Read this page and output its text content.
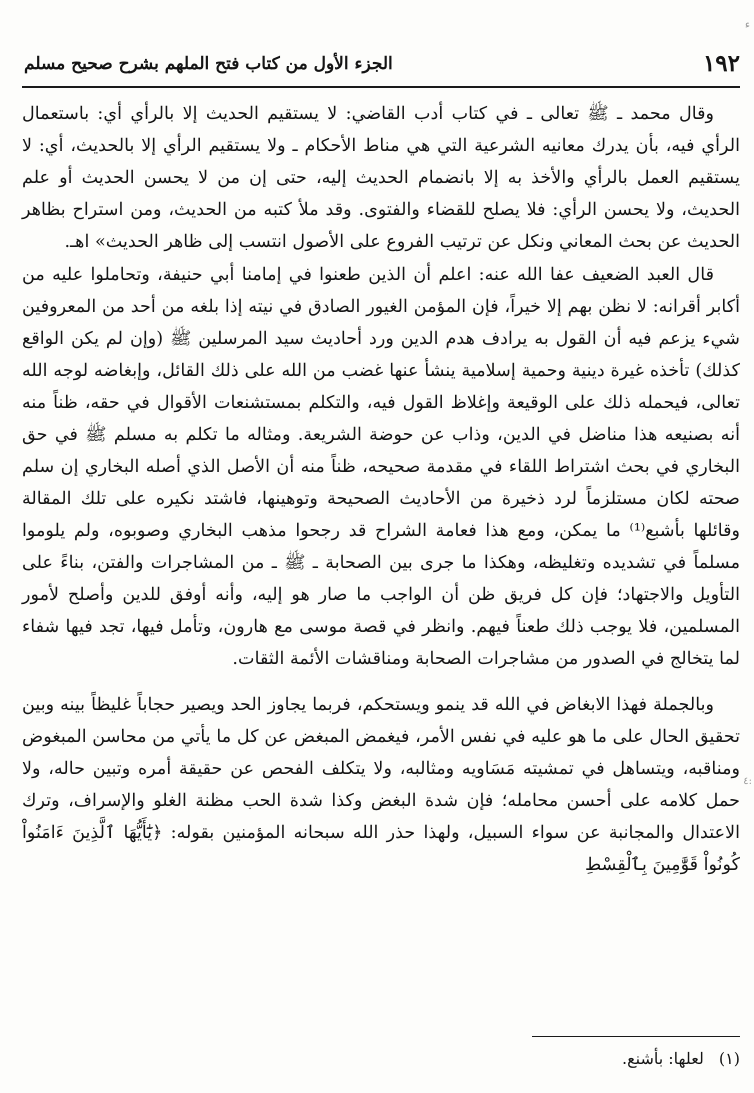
ﺀ
١٩٢
الجزء الأول من كتاب فتح الملهم بشرح صحيح مسلم

وقال محمد ـ ﷺ تعالى ـ في كتاب أدب القاضي: لا يستقيم الحديث إلا بالرأي أي: باستعمال الرأي فيه، بأن يدرك معانيه الشرعية التي هي مناط الأحكام ـ ولا يستقيم الرأي إلا بالحديث، أي: لا يستقيم العمل بالرأي والأخذ به إلا بانضمام الحديث إليه، حتى إن من لا يحسن الحديث أو علم الحديث، ولا يحسن الرأي: فلا يصلح للقضاء والفتوى. وقد ملأ كتبه من الحديث، ومن استراح بظاهر الحديث عن بحث المعاني ونكل عن ترتيب الفروع على الأصول انتسب إلى ظاهر الحديث» اهـ.

قال العبد الضعيف عفا الله عنه: اعلم أن الذين طعنوا في إمامنا أبي حنيفة، وتحاملوا عليه من أكابر أقرانه: لا نظن بهم إلا خيراً، فإن المؤمن الغيور الصادق في نيته إذا بلغه من أحد من المعروفين شيء يزعم فيه أن القول به يرادف هدم الدين ورد أحاديث سيد المرسلين ﷺ (وإن لم يكن الواقع كذلك) تأخذه غيرة دينية وحمية إسلامية ينشأ عنها غضب من الله على ذلك القائل، وإبغاضه لوجه الله تعالى، فيحمله ذلك على الوقيعة وإغلاظ القول فيه، والتكلم بمستشنعات الأقوال في حقه، ظناً منه أنه بصنيعه هذا مناضل في الدين، وذاب عن حوضة الشريعة. ومثاله ما تكلم به مسلم ﷺ في حق البخاري في بحث اشتراط اللقاء في مقدمة صحيحه، ظناً منه أن الأصل الذي أصله البخاري إن سلم صحته لكان مستلزماً لرد ذخيرة من الأحاديث الصحيحة وتوهينها، فاشتد نكيره على تلك المقالة وقائلها بأشبع⁽¹⁾ ما يمكن، ومع هذا فعامة الشراح قد رجحوا مذهب البخاري وصوبوه، ولم يلوموا مسلماً في تشديده وتغليظه، وهكذا ما جرى بين الصحابة ـ ﷺ ـ من المشاجرات والفتن، بناءً على التأويل والاجتهاد؛ فإن كل فريق ظن أن الواجب ما صار هو إليه، وأنه أوفق للدين وأصلح لأمور المسلمين، فلا يوجب ذلك طعناً فيهم. وانظر في قصة موسى مع هارون، وتأمل فيها، تجد فيها شفاء لما يتخالج في الصدور من مشاجرات الصحابة ومناقشات الأئمة الثقات.

وبالجملة فهذا الابغاض في الله قد ينمو ويستحكم، فربما يجاوز الحد ويصير حجاباً غليظاً بينه وبين تحقيق الحال على ما هو عليه في نفس الأمر، فيغمض المبغض عن كل ما يأتي من محاسن المبغوض ومناقبه، ويتساهل في تمشيته مَسَاويه ومثالبه، ولا يتكلف الفحص عن حقيقة أمره وتبين حاله، ولا حمل كلامه على أحسن محامله؛ فإن شدة البغض وكذا شدة الحب مظنة الغلو والإسراف، وترك الاعتدال والمجانبة عن سواء السبيل، ولهذا حذر الله سبحانه المؤمنين بقوله: ﴿يَٰٓأَيُّهَا ٱلَّذِينَ ءَامَنُواْ كُونُواْ قَوَّٰمِينَ بِٱلْقِسْطِ

٤:
(١) لعلها: بأشنع.
